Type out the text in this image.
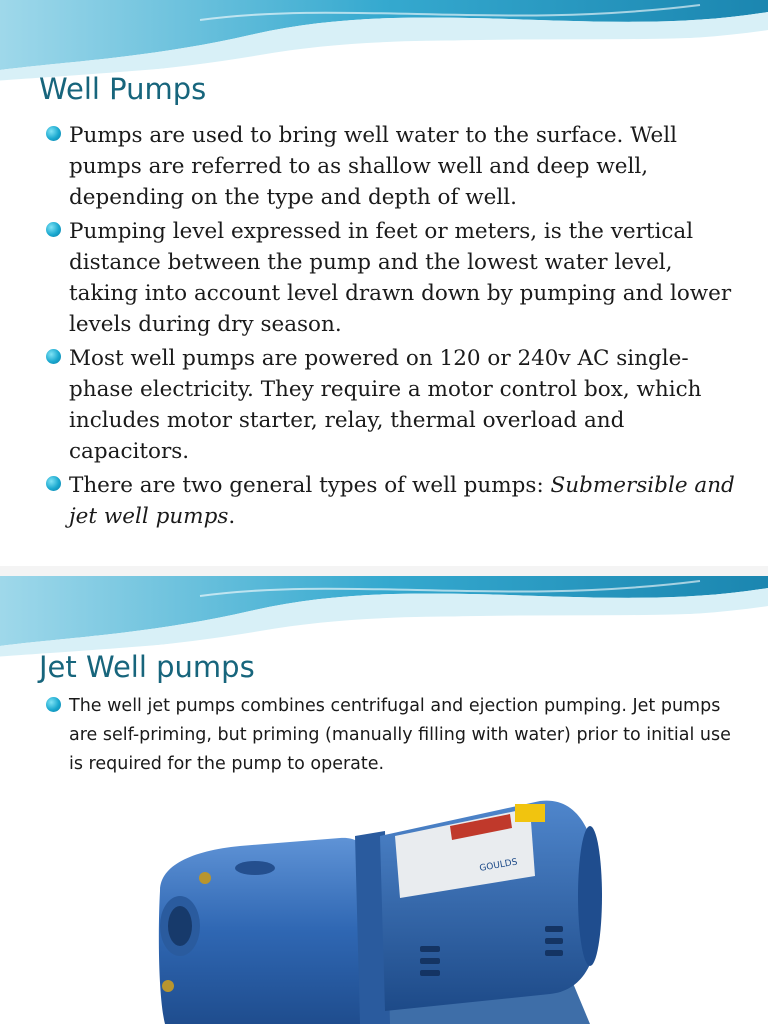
Well Pumps
Pumps are used to bring well water to the surface. Well pumps are referred to as shallow well and deep well, depending on the type and depth of well.
Pumping level expressed in feet or meters, is the vertical distance between the pump and the lowest water level, taking into account level drawn down by pumping and lower levels during dry season.
Most well pumps are powered on 120 or 240v AC single-phase electricity. They require a motor control box, which includes motor starter, relay, thermal overload and capacitors.
There are two general types of well pumps: Submersible and jet well pumps.
Jet Well pumps
The well jet pumps combines centrifugal and ejection pumping. Jet pumps are self-priming, but priming (manually filling with water) prior to initial use is required for the pump to operate.
GOULDS
